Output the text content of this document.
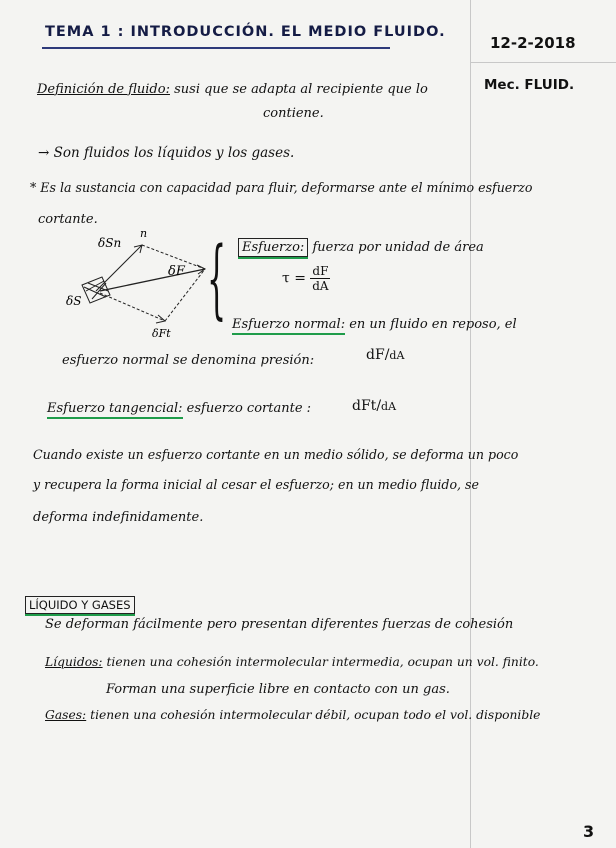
TEMA 1 : INTRODUCCIÓN. EL MEDIO FLUIDO.
12-2-2018
Mec. FLUID.
Definición de fluido: susi que se adapta al recipiente que lo
contiene.
→ Son fluidos los líquidos y los gases.
* Es la sustancia con capacidad para fluir, deformarse ante el mínimo esfuerzo
cortante.
δSn
n
δF
δS
δFt
{	Esfuerzo: fuerza por unidad de área
$\tau = \frac{dF}{dA}$
Esfuerzo normal: en un fluido en reposo, el
esfuerzo normal se denomina presión:	dF/dA
Esfuerzo tangencial: esfuerzo cortante :	dFt/dA
Cuando existe un esfuerzo cortante en un medio sólido, se deforma un poco
y recupera la forma inicial al cesar el esfuerzo; en un medio fluido, se
deforma indefinidamente.
LÍQUIDO Y GASES
Se deforman fácilmente pero presentan diferentes fuerzas de cohesión
Líquidos: tienen una cohesión intermolecular intermedia, ocupan un vol. finito.
Forman una superficie libre en contacto con un gas.
Gases: tienen una cohesión intermolecular débil, ocupan todo el vol. disponible
3
